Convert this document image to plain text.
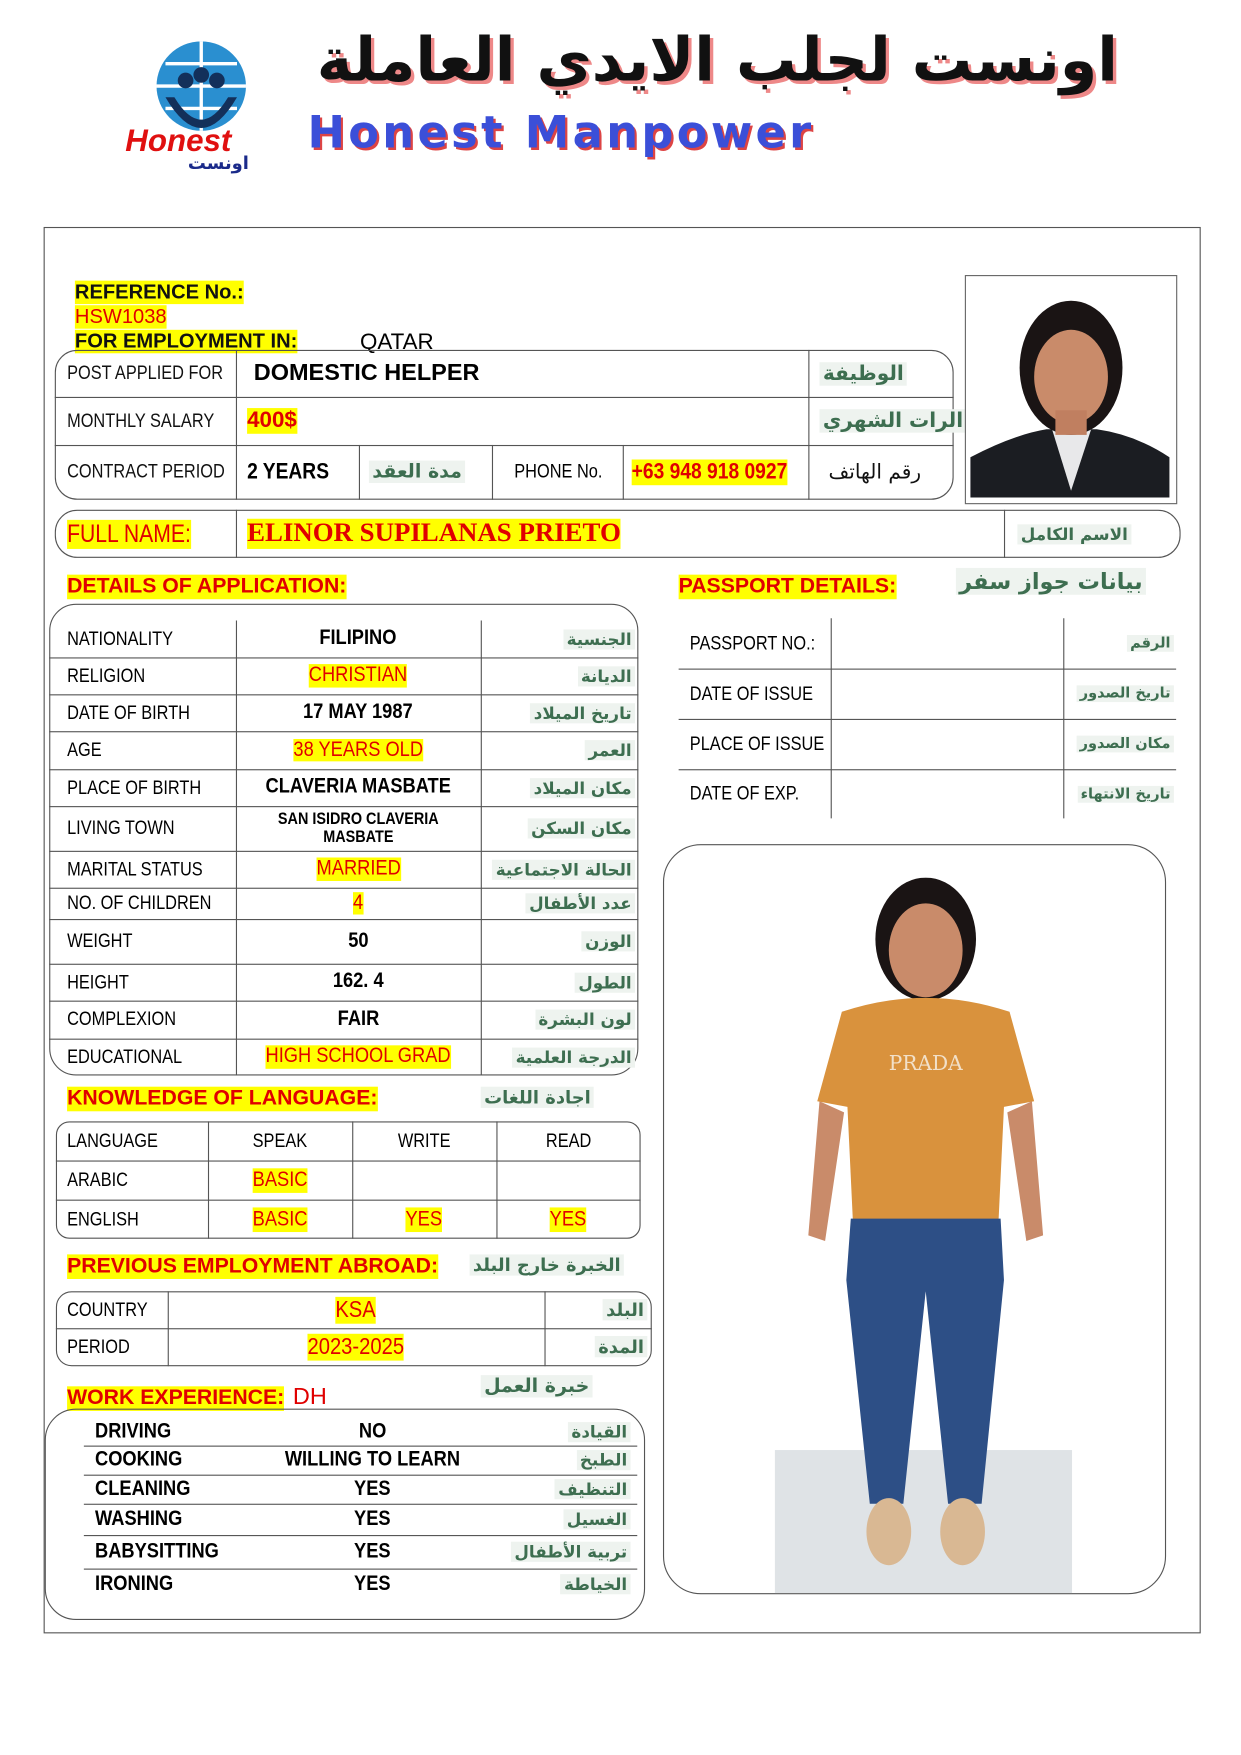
Honest
اونست
اونست لجلب الايدي العاملة
Honest Manpower
REFERENCE No.:
HSW1038
FOR EMPLOYMENT IN:	QATAR
POST APPLIED FOR DOMESTIC HELPER	الوظيفة
MONTHLY SALARY 400$	الرات الشهري
CONTRACT PERIOD 2 YEARS	مدة العقد	PHONE No. +63 948 918 0927 رقم الهاتف
FULL NAME: ELINOR SUPILANAS PRIETO	الاسم الكامل
DETAILS OF APPLICATION:	PASSPORT DETAILS:	بيانات جواز سفر
PRADA
KNOWLEDGE OF LANGUAGE:	اجادة اللغات
PREVIOUS EMPLOYMENT ABROAD: الخبرة خارج البلد
WORK EXPERIENCE: DH	خبرة العمل
NATIONALITY	FILIPINO	الجنسية
RELIGION	CHRISTIAN	الديانة
DATE OF BIRTH	17 MAY 1987	تاريخ الميلاد
AGE	38 YEARS OLD	العمر
PLACE OF BIRTH	CLAVERIA MASBATE	مكان الميلاد
LIVING TOWN	SAN ISIDRO CLAVERIA MASBATE	مكان السكن
MARITAL STATUS	MARRIED	الحالة الاجتماعية
NO. OF CHILDREN	4	عدد الأطفال
WEIGHT	50	الوزن
HEIGHT	162. 4	الطول
COMPLEXION	FAIR	لون البشرة
EDUCATIONAL	HIGH SCHOOL GRAD	الدرجة العلمية
PASSPORT NO.:	الرقم
DATE OF ISSUE	تاريخ الصدور
PLACE OF ISSUE	مكان الصدور
DATE OF EXP.	تاريخ الانتهاء
LANGUAGE	SPEAK	WRITE	READ
ARABIC	BASIC
ENGLISH	BASIC	YES	YES
COUNTRY	KSA	البلد
PERIOD	2023-2025	المدة
DRIVING	NO	القيادة
COOKING	WILLING TO LEARN	الطبخ
CLEANING	YES	التنظيف
WASHING	YES	الغسيل
BABYSITTING	YES	تربية الأطفال
IRONING	YES	الخياطة
